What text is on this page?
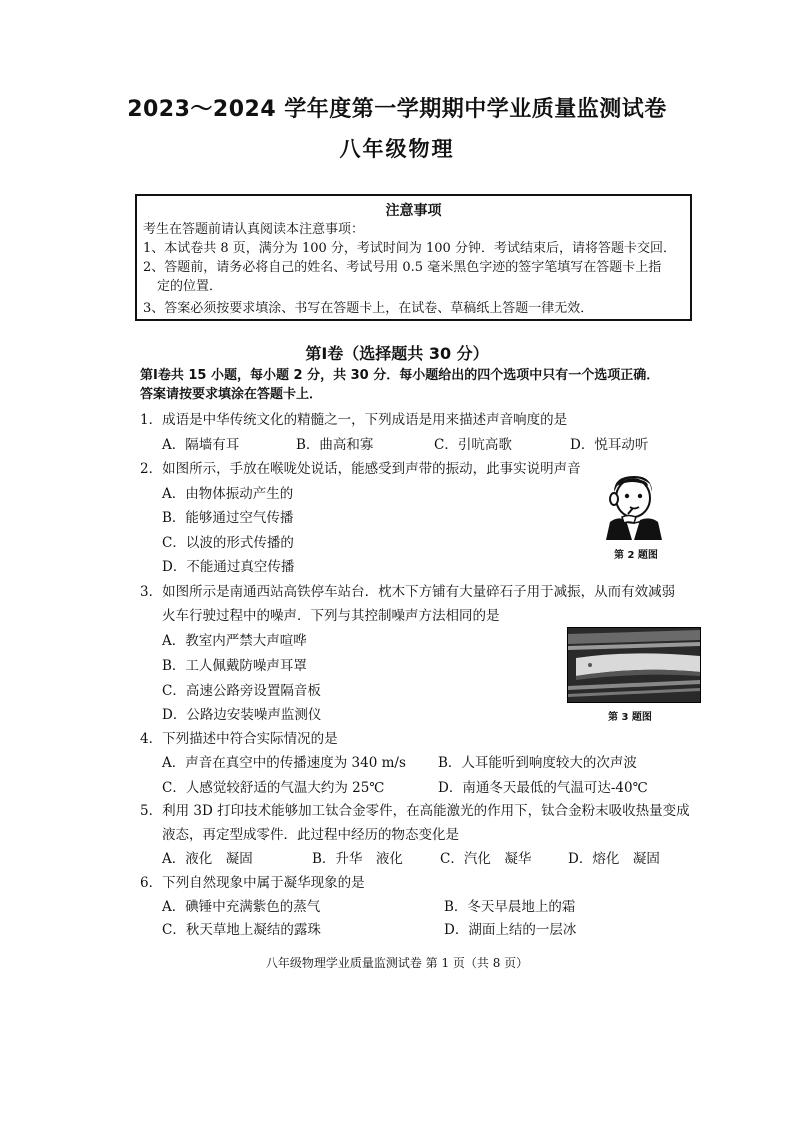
2023～2024 学年度第一学期期中学业质量监测试卷
八年级物理
注意事项
考生在答题前请认真阅读本注意事项：
1、本试卷共 8 页，满分为 100 分，考试时间为 100 分钟．考试结束后，请将答题卡交回．
2、答题前，请务必将自己的姓名、考试号用 0.5 毫米黑色字迹的签字笔填写在答题卡上指
定的位置．
3、答案必须按要求填涂、书写在答题卡上，在试卷、草稿纸上答题一律无效．
第Ⅰ卷（选择题共 30 分）
第Ⅰ卷共 15 小题，每小题 2 分，共 30 分．每小题给出的四个选项中只有一个选项正确．
答案请按要求填涂在答题卡上．
1．成语是中华传统文化的精髓之一，下列成语是用来描述声音响度的是
A．隔墙有耳	B．曲高和寡	C．引吭高歌	D．悦耳动听
2．如图所示，手放在喉咙处说话，能感受到声带的振动，此事实说明声音
A．由物体振动产生的
B．能够通过空气传播
C．以波的形式传播的
D．不能通过真空传播
第 2 题图
3．如图所示是南通西站高铁停车站台．枕木下方铺有大量碎石子用于减振，从而有效减弱
火车行驶过程中的噪声．下列与其控制噪声方法相同的是
A．教室内严禁大声喧哗
B．工人佩戴防噪声耳罩
C．高速公路旁设置隔音板
D．公路边安装噪声监测仪	第 3 题图
4．下列描述中符合实际情况的是
A．声音在真空中的传播速度为 340 m/s B．人耳能听到响度较大的次声波
C．人感觉较舒适的气温大约为 25℃	D．南通冬天最低的气温可达-40℃
5．利用 3D 打印技术能够加工钛合金零件，在高能激光的作用下，钛合金粉末吸收热量变成
液态，再定型成零件．此过程中经历的物态变化是
A．液化　凝固	B．升华　液化	C．汽化　凝华	D．熔化　凝固
6．下列自然现象中属于凝华现象的是
A．碘锤中充满紫色的蒸气	B．冬天早晨地上的霜
C．秋天草地上凝结的露珠	D．湖面上结的一层冰
八年级物理学业质量监测试卷 第 1 页（共 8 页）
